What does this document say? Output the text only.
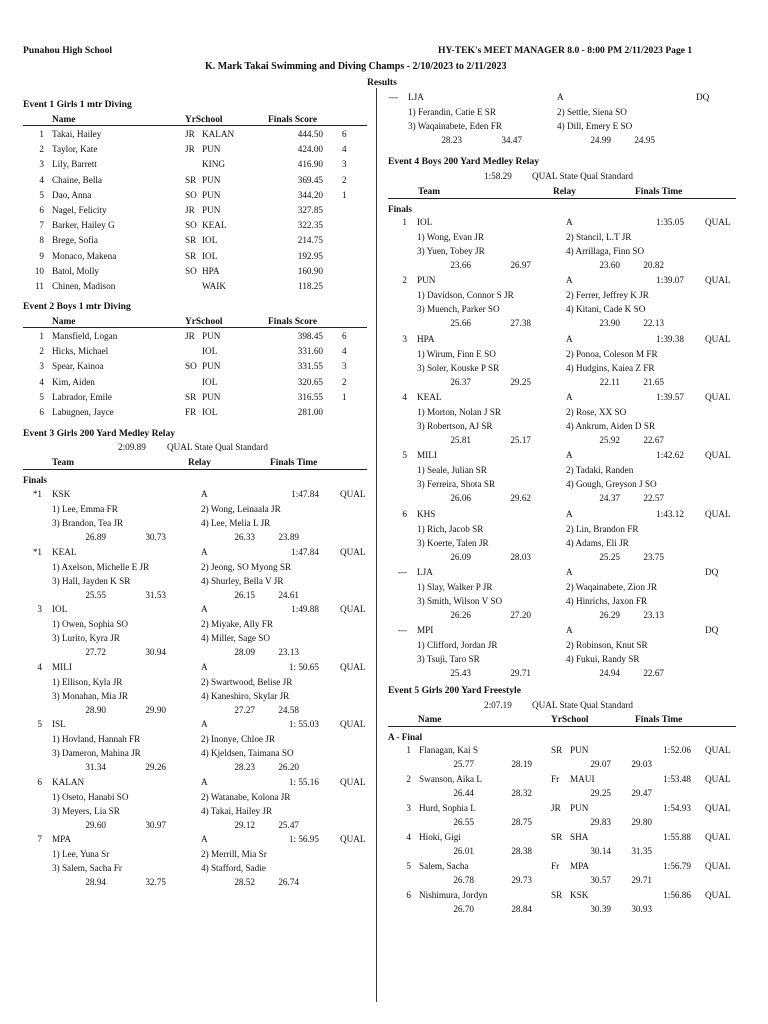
Punahou High School	HY-TEK's MEET MANAGER 8.0 - 8:00 PM 2/11/2023 Page 1
K. Mark Takai Swimming and Diving Champs - 2/10/2023 to 2/11/2023
Results
Event 1 Girls 1 mtr Diving
Name	YrSchool	Finals Score
1 Takai, Hailey	JR KALAN	444.50 6
2 Taylor, Kate	JR PUN	424.00 4
3 Lily, Barrett	KING	416.90 3
4 Chaine, Bella	SR PUN	369.45 2
5 Dao, Anna	SO PUN	344.20 1
6 Nagel, Felicity	JR PUN	327.85
7 Barker, Hailey G	SO KEAL	322.35
8 Brege, Sofia	SR IOL	214.75
9 Monaco, Makena	SR IOL	192.95
10 Batol, Molly	SO HPA	160.90
11 Chinen, Madison	WAIK	118.25
Event 2 Boys 1 mtr Diving
Name	YrSchool	Finals Score
1 Mansfield, Logan	JR PUN	398.45 6
2 Hicks, Michael	IOL	331.60 4
3 Spear, Kainoa	SO PUN	331.55 3
4 Kim, Aiden	IOL	320.65 2
5 Labrador, Emile	SR PUN	316.55 1
6 Labugnen, Jayce	FR IOL	281.00
Event 3 Girls 200 Yard Medley Relay
2:09.89 QUAL State Qual Standard
Team	Relay	Finals Time
Finals
*1 KSK	A	1:47.84 QUAL
1) Lee, Emma FR	2) Wong, Leinaala JR
3) Brandon, Tea JR	4) Lee, Melia L JR
26.89	30.73	26.33	23.89
*1 KEAL	A	1:47.84 QUAL
1) Axelson, Michelle E JR	2) Jeong, SO Myong SR
3) Hall, Jayden K SR	4) Shurley, Bella V JR
25.55	31.53	26.15	24.61
3 IOL	A	1:49.88 QUAL
1) Owen, Sophia SO	2) Miyake, Ally FR
3) Lurito, Kyra JR	4) Miller, Sage SO
27.72	30.94	28.09	23.13
4 MILI	A	1: 50.65 QUAL
1) Ellison, Kyla JR	2) Swartwood, Belise JR
3) Monahan, Mia JR	4) Kaneshiro, Skylar JR
28.90	29.90	27.27	24.58
5 ISL	A	1: 55.03 QUAL
1) Hovland, Hannah FR	2) Inonye, Chloe JR
3) Dameron, Mahina JR	4) Kjeldsen, Taimana SO
31.34	29.26	28.23	26.20
6 KALAN	A	1: 55.16 QUAL
1) Oseto, Hanabi SO	2) Watanabe, Kolona JR
3) Meyers, Lia SR	4) Takai, Hailey JR
29.60	30.97	29.12	25.47
7 MPA	A	1: 56.95 QUAL
1) Lee, Yuna Sr	2) Merrill, Mia Sr
3) Salem, Sacha Fr	4) Stafford, Sadie
28.94	32.75	28.52	26.74
--- LJA	A	DQ
1) Ferandin, Catie E SR	2) Settle, Siena SO
3) Waqainabete, Eden FR	4) Dill, Emery E SO
28.23	34.47	24.99	24.95
Event 4 Boys 200 Yard Medley Relay
1:58.29 QUAL State Qual Standard
Team	Relay	Finals Time
Finals
1 IOL	A	1:35.05 QUAL
1) Wong, Evan JR	2) Stancil, L.T JR
3) Yuen, Tobey JR	4) Arrillaga, Finn SO
23.66	26.97	23.60	20.82
2 PUN	A	1:39.07 QUAL
1) Davidson, Connor S JR	2) Ferrer, Jeffrey K JR
3) Muench, Parker SO	4) Kitani, Cade K SO
25.66	27.38	23.90	22.13
3 HPA	A	1:39.38 QUAL
1) Wirum, Finn E SO	2) Ponoa, Coleson M FR
3) Soler, Kouske P SR	4) Hudgins, Kaiea Z FR
26.37	29.25	22.11	21.65
4 KEAL	A	1:39.57 QUAL
1) Morton, Nolan J SR	2) Rose, XX SO
3) Robertson, AJ SR	4) Ankrum, Aiden D SR
25.81	25.17	25.92	22.67
5 MILI	A	1:42.62 QUAL
1) Seale, Julian SR	2) Tadaki, Randen
3) Ferreira, Shota SR	4) Gough, Greyson J SO
26.06	29.62	24.37	22.57
6 KHS	A	1:43.12 QUAL
1) Rich, Jacob SR	2) Lin, Brandon FR
3) Koerte, Talen JR	4) Adams, Eli JR
26.09	28.03	25.25	23.75
--- LJA	A	DQ
1) Slay, Walker P JR	2) Waqainabete, Zion JR
3) Smith, Wilson V SO	4) Hinrichs, Jaxon FR
26.26	27.20	26.29	23.13
--- MPI	A	DQ
1) Clifford, Jordan JR	2) Robinson, Knut SR
3) Tsuji, Taro SR	4) Fukui, Randy SR
25.43	29.71	24.94	22.67
Event 5 Girls 200 Yard Freestyle
2:07.19 QUAL State Qual Standard
Name	YrSchool	Finals Time
A - Final
1 Flanagan, Kai S	SR PUN	1:52.06 QUAL
25.77	28.19	29.07 29.03
2 Swanson, Aika L	Fr MAUI	1:53.48 QUAL
26.44	28.32	29.25 29.47
3 Hurd, Sophia L	JR PUN	1:54.93 QUAL
26.55	28.75	29.83 29.80
4 Hioki, Gigi	SR SHA	1:55.88 QUAL
26.01	28.38	30.14 31.35
5 Salem, Sacha	Fr MPA	1:56.79 QUAL
26.78	29.73	30.57 29.71
6 Nishimura, Jordyn	SR KSK	1:56.86 QUAL
26.70	28.84	30.39 30.93
